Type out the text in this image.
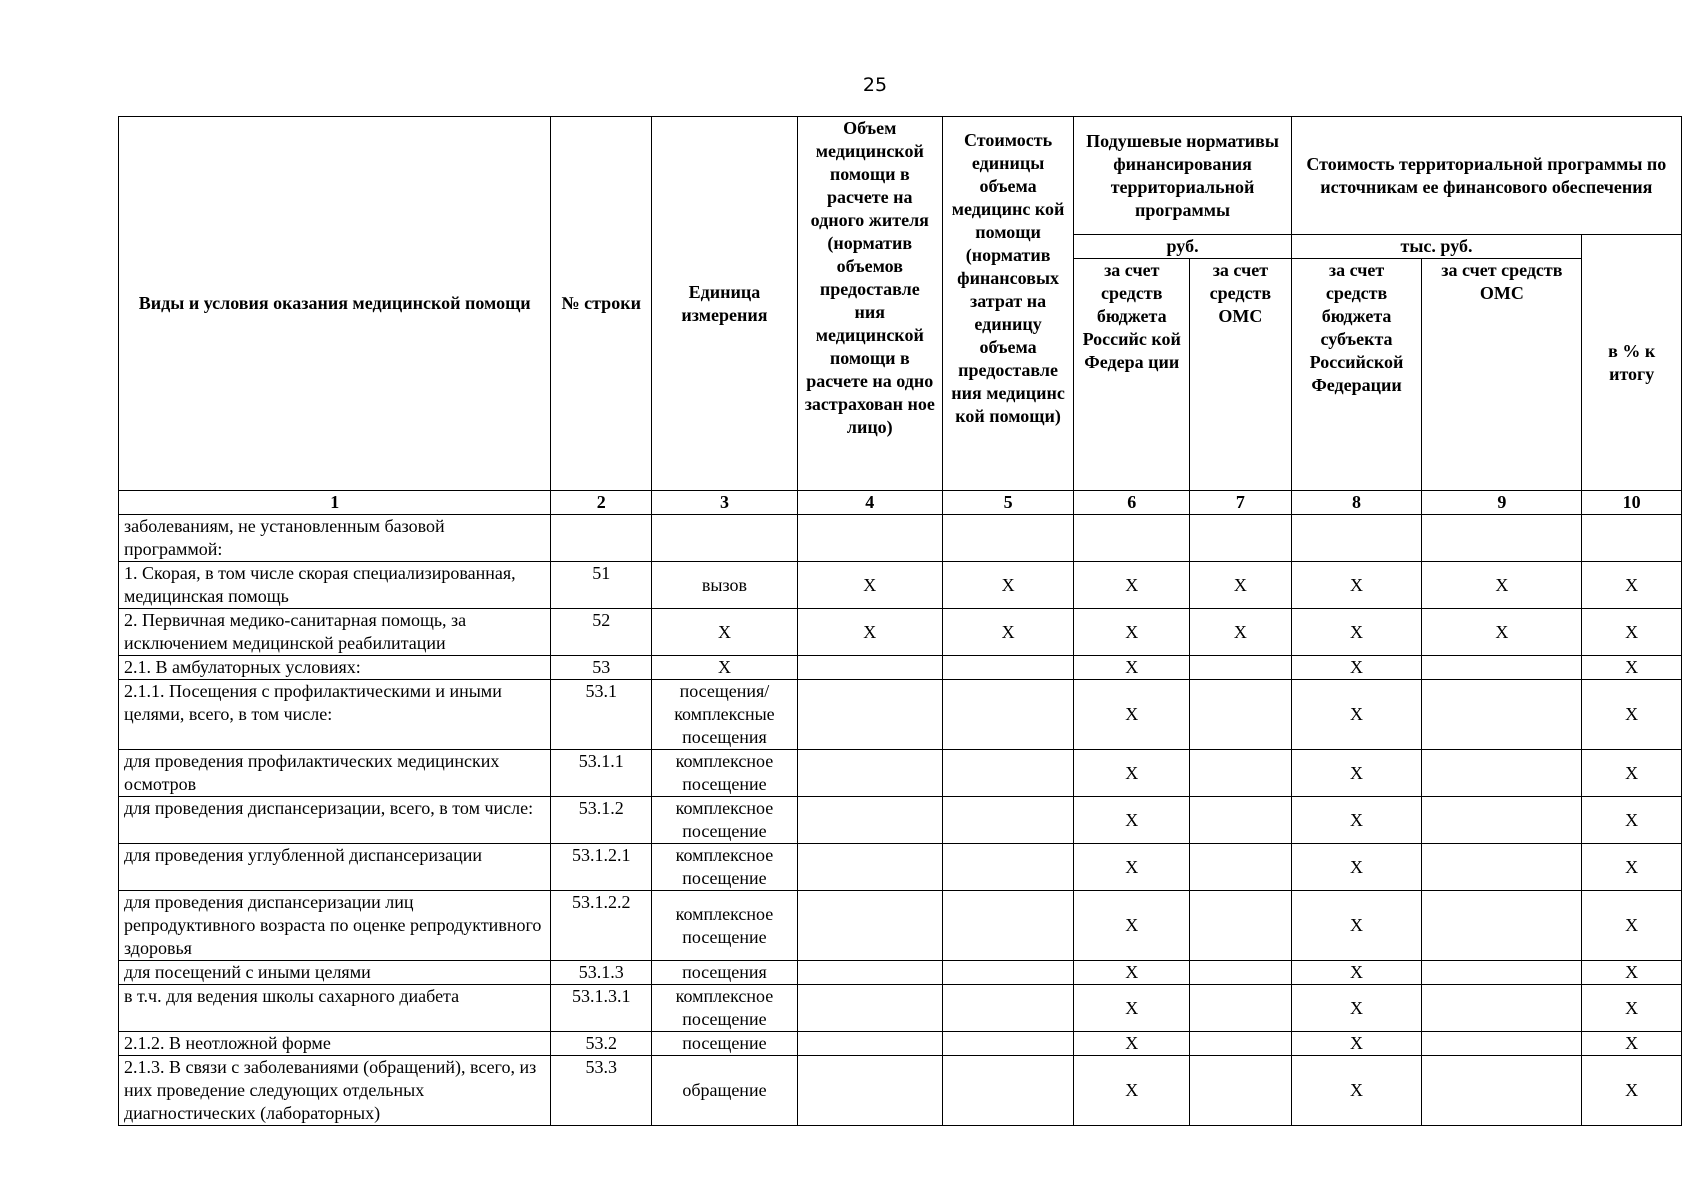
25
Виды и условия оказания медицинской помощи	№ строки	Единица измерения	Объем медицинской помощи в расчете на одного жителя (норматив объемов предоставле ния медицинской помощи в расчете на одно застрахован ное лицо)	Стоимость единицы объема медицинс кой помощи (норматив финансовых затрат на единицу объема предоставле ния медицинс кой помощи)	Подушевые нормативы финансирования территориальной программы		Стоимость территориальной программы по источникам ее финансового обеспечения		
					руб.		тыс. руб.		в % к итогу
					за счет средств бюджета Российс кой Федера ции	за счет средств ОМС	за счет средств бюджета субъекта Российской Федерации	за счет средств ОМС	
1	2	3	4	5	6	7	8	9	10
заболеваниям, не установленным базовой программой:									
1. Скорая, в том числе скорая специализированная, медицинская помощь	51	вызов	X	X	X	X	X	X	X
2. Первичная медико-санитарная помощь, за исключением медицинской реабилитации	52	X	X	X	X	X	X	X	X
2.1. В амбулаторных условиях:	53	X			X		X		X
2.1.1. Посещения с профилактическими и иными целями, всего, в том числе:	53.1	посещения/ комплексные посещения			X		X		X
для проведения профилактических медицинских осмотров	53.1.1	комплексное посещение			X		X		X
для проведения диспансеризации, всего, в том числе:	53.1.2	комплексное посещение			X		X		X
для проведения углубленной диспансеризации	53.1.2.1	комплексное посещение			X		X		X
для проведения диспансеризации лиц репродуктивного возраста по оценке репродуктивного здоровья	53.1.2.2	комплексное посещение			X		X		X
для посещений с иными целями	53.1.3	посещения			X		X		X
в т.ч. для ведения школы сахарного диабета	53.1.3.1	комплексное посещение			X		X		X
2.1.2. В неотложной форме	53.2	посещение			X		X		X
2.1.3. В связи с заболеваниями (обращений), всего, из них проведение следующих отдельных диагностических (лабораторных)	53.3	обращение			X		X		X
